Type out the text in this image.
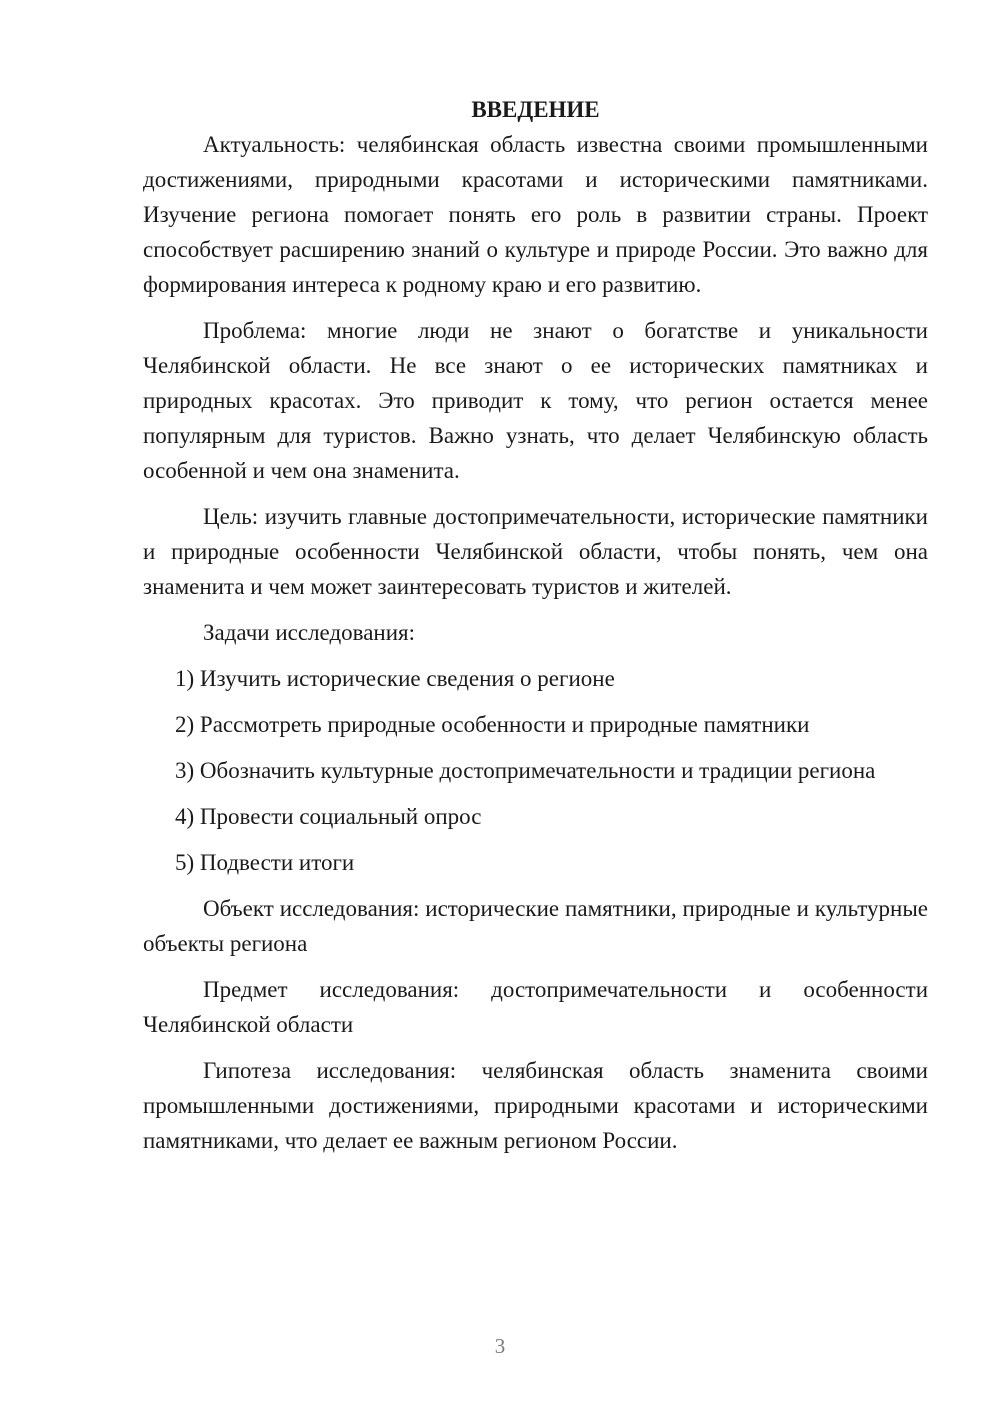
ВВЕДЕНИЕ

Актуальность: челябинская область известна своими промышленными достижениями, природными красотами и историческими памятниками. Изучение региона помогает понять его роль в развитии страны. Проект способствует расширению знаний о культуре и природе России. Это важно для формирования интереса к родному краю и его развитию.

Проблема: многие люди не знают о богатстве и уникальности Челябинской области. Не все знают о ее исторических памятниках и природных красотах. Это приводит к тому, что регион остается менее популярным для туристов. Важно узнать, что делает Челябинскую область особенной и чем она знаменита.

Цель: изучить главные достопримечательности, исторические памятники и природные особенности Челябинской области, чтобы понять, чем она знаменита и чем может заинтересовать туристов и жителей.

Задачи исследования:

1) Изучить исторические сведения о регионе

2) Рассмотреть природные особенности и природные памятники

3) Обозначить культурные достопримечательности и традиции региона

4) Провести социальный опрос

5) Подвести итоги

Объект исследования: исторические памятники, природные и культурные объекты региона

Предмет исследования: достопримечательности и особенности Челябинской области

Гипотеза исследования: челябинская область знаменита своими промышленными достижениями, природными красотами и историческими памятниками, что делает ее важным регионом России.

3
